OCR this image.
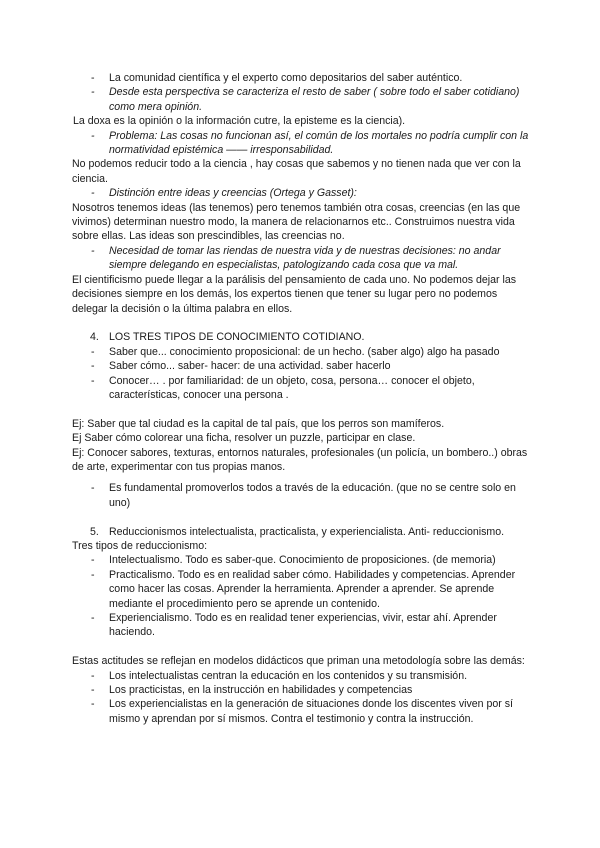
- La comunidad científica y el experto como depositarios del saber auténtico.

- Desde esta perspectiva se caracteriza el resto de saber ( sobre todo el saber cotidiano) como mera opinión.

La doxa es la opinión o la información cutre, la episteme es la ciencia).

- Problema: Las cosas no funcionan así, el común de los mortales no podría cumplir con la normatividad epistémica —— irresponsabilidad.

No podemos reducir todo a la ciencia , hay cosas que sabemos y no tienen nada que ver con la ciencia.

- Distinción entre ideas y creencias (Ortega y Gasset):

Nosotros tenemos ideas (las tenemos) pero tenemos también otra cosas, creencias (en las que vivimos) determinan nuestro modo, la manera de relacionarnos etc.. Construimos nuestra vida sobre ellas. Las ideas son prescindibles, las creencias no.

- Necesidad de tomar las riendas de nuestra vida y de nuestras decisiones: no andar siempre delegando en especialistas, patologizando cada cosa que va mal.

El cientificismo puede llegar a la parálisis del pensamiento de cada uno. No podemos dejar las decisiones siempre en los demás, los expertos tienen que tener su lugar pero no podemos delegar la decisión o la última palabra en ellos.

4. LOS TRES TIPOS DE CONOCIMIENTO COTIDIANO.

- Saber que... conocimiento proposicional: de un hecho. (saber algo) algo ha pasado

- Saber cómo... saber- hacer: de una actividad. saber hacerlo

- Conocer… . por familiaridad: de un objeto, cosa, persona… conocer el objeto, características, conocer una persona .

Ej: Saber que tal ciudad es la capital de tal país, que los perros son mamíferos.

Ej Saber cómo colorear una ficha, resolver un puzzle, participar en clase.

Ej: Conocer sabores, texturas, entornos naturales, profesionales (un policía, un bombero..) obras de arte, experimentar con tus propias manos.

- Es fundamental promoverlos todos a través de la educación. (que no se centre solo en uno)

5. Reduccionismos intelectualista, practicalista, y experiencialista. Anti- reduccionismo.

Tres tipos de reduccionismo:

- Intelectualismo. Todo es saber-que. Conocimiento de proposiciones. (de memoria)

- Practicalismo. Todo es en realidad saber cómo. Habilidades y competencias. Aprender como hacer las cosas. Aprender la herramienta. Aprender a aprender. Se aprende mediante el procedimiento pero se aprende un contenido.

- Experiencialismo. Todo es en realidad tener experiencias, vivir, estar ahí. Aprender haciendo.

Estas actitudes se reflejan en modelos didácticos que priman una metodología sobre las demás:

- Los intelectualistas centran la educación en los contenidos y su transmisión.

- Los practicistas, en la instrucción en habilidades y competencias

- Los experiencialistas en la generación de situaciones donde los discentes viven por sí mismo y aprendan por sí mismos. Contra el testimonio y contra la instrucción.
